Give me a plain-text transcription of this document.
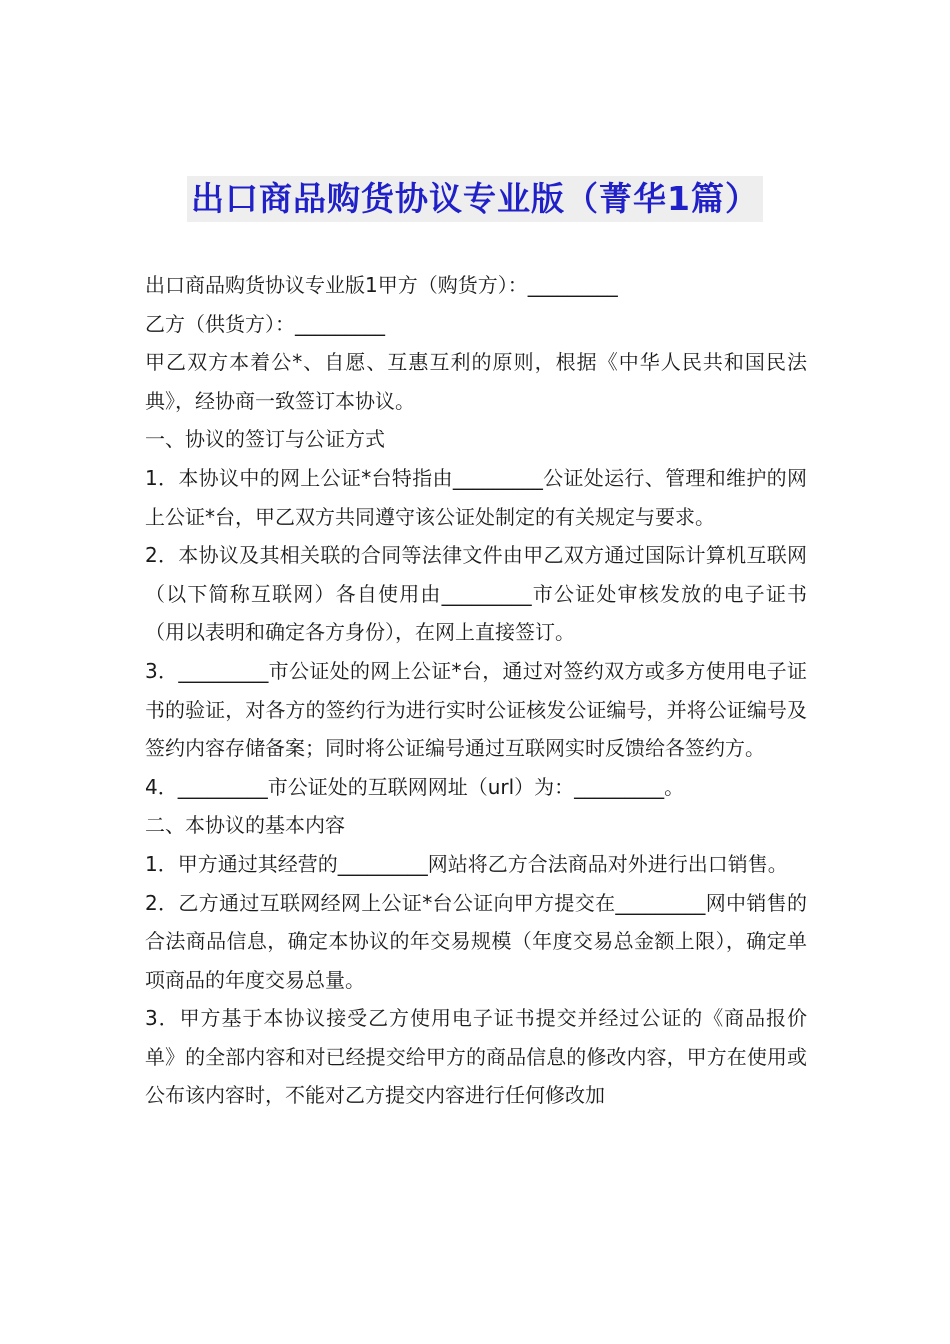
出口商品购货协议专业版（菁华1篇）

出口商品购货协议专业版1甲方（购货方）：_________

乙方（供货方）：_________

甲乙双方本着公*、自愿、互惠互利的原则，根据《中华人民共和国民法典》，经协商一致签订本协议。

一、协议的签订与公证方式

1．本协议中的网上公证*台特指由_________公证处运行、管理和维护的网上公证*台，甲乙双方共同遵守该公证处制定的有关规定与要求。

2．本协议及其相关联的合同等法律文件由甲乙双方通过国际计算机互联网（以下简称互联网）各自使用由_________市公证处审核发放的电子证书（用以表明和确定各方身份），在网上直接签订。

3．_________市公证处的网上公证*台，通过对签约双方或多方使用电子证书的验证，对各方的签约行为进行实时公证核发公证编号，并将公证编号及签约内容存储备案；同时将公证编号通过互联网实时反馈给各签约方。

4．_________市公证处的互联网网址（url）为：_________。

二、本协议的基本内容

1．甲方通过其经营的_________网站将乙方合法商品对外进行出口销售。

2．乙方通过互联网经网上公证*台公证向甲方提交在_________网中销售的合法商品信息，确定本协议的年交易规模（年度交易总金额上限），确定单项商品的年度交易总量。

3．甲方基于本协议接受乙方使用电子证书提交并经过公证的《商品报价单》的全部内容和对已经提交给甲方的商品信息的修改内容，甲方在使用或公布该内容时，不能对乙方提交内容进行任何修改加
